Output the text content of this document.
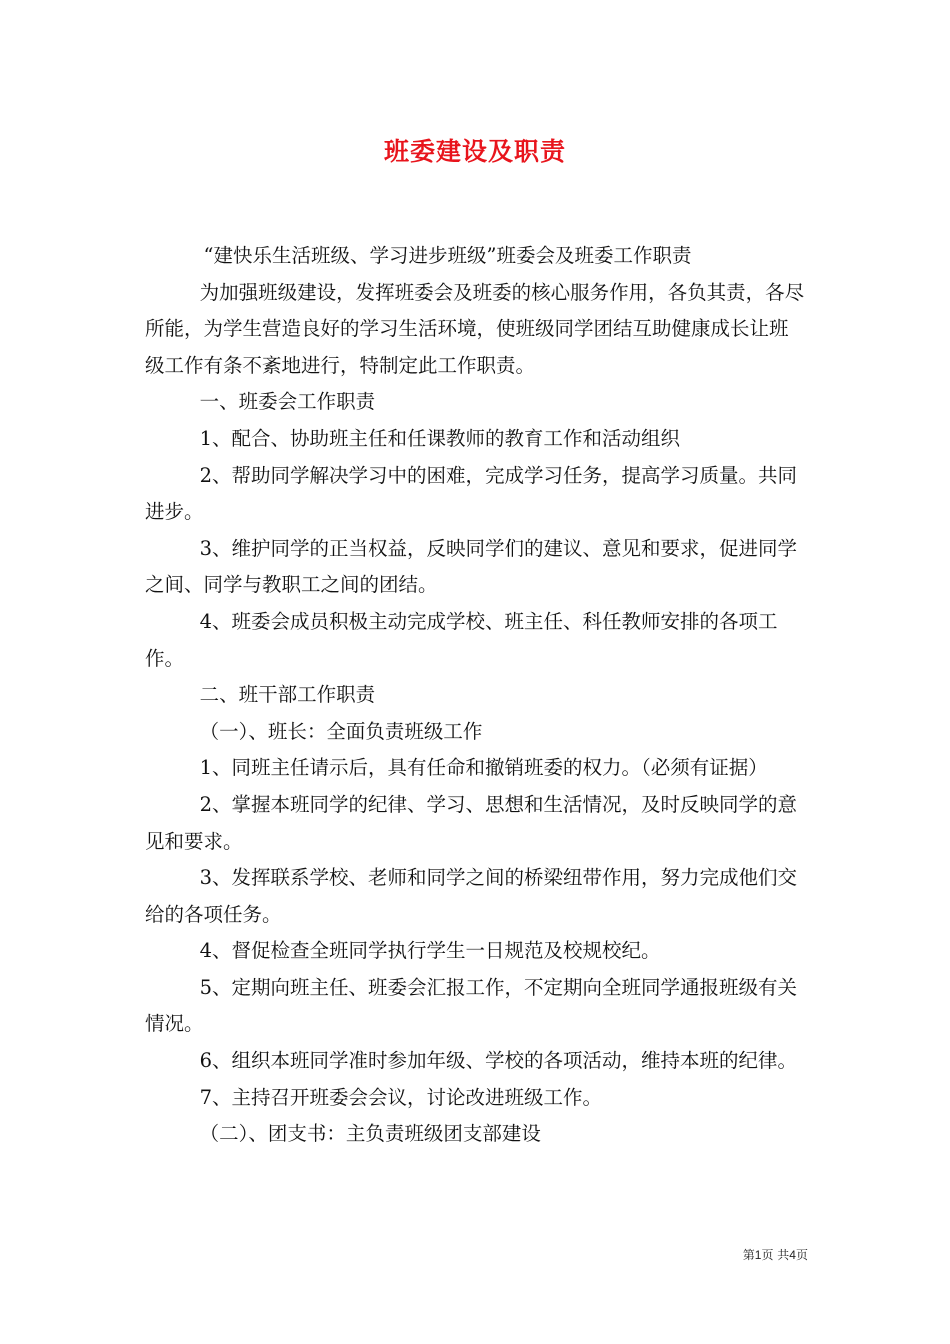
班委建设及职责

“建快乐生活班级、学习进步班级”班委会及班委工作职责

为加强班级建设，发挥班委会及班委的核心服务作用，各负其责，各尽所能，为学生营造良好的学习生活环境，使班级同学团结互助健康成长让班级工作有条不紊地进行，特制定此工作职责。

一、班委会工作职责

1、配合、协助班主任和任课教师的教育工作和活动组织

2、帮助同学解决学习中的困难，完成学习任务，提高学习质量。共同进步。

3、维护同学的正当权益，反映同学们的建议、意见和要求，促进同学之间、同学与教职工之间的团结。

4、班委会成员积极主动完成学校、班主任、科任教师安排的各项工作。

二、班干部工作职责

（一）、班长：全面负责班级工作

1、同班主任请示后，具有任命和撤销班委的权力。（必须有证据）

2、掌握本班同学的纪律、学习、思想和生活情况，及时反映同学的意见和要求。

3、发挥联系学校、老师和同学之间的桥梁纽带作用，努力完成他们交给的各项任务。

4、督促检查全班同学执行学生一日规范及校规校纪。

5、定期向班主任、班委会汇报工作，不定期向全班同学通报班级有关情况。

6、组织本班同学准时参加年级、学校的各项活动，维持本班的纪律。

7、主持召开班委会会议，讨论改进班级工作。

（二）、团支书：主负责班级团支部建设

第1页 共4页
